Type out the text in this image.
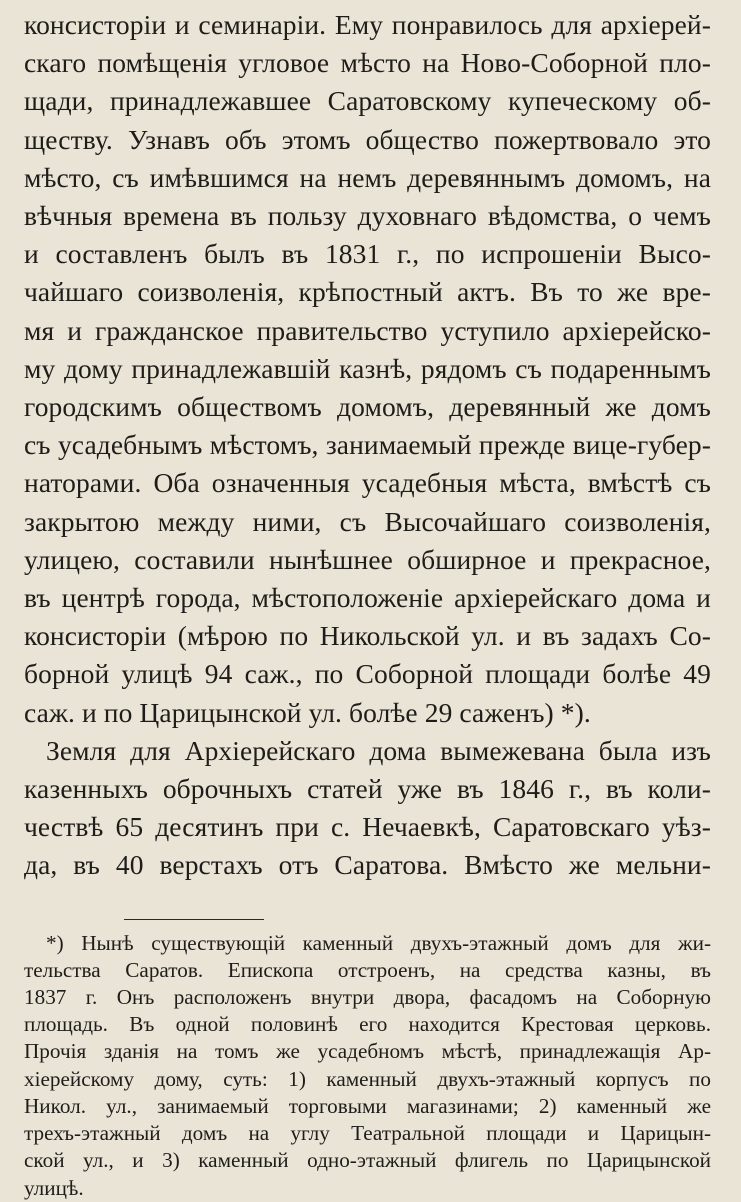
консисторіи и семинаріи. Ему понравилось для архіерей-
скаго помѣщенія угловое мѣсто на Ново-Соборной пло-
щади, принадлежавшее Саратовскому купеческому об-
ществу. Узнавъ объ этомъ общество пожертвовало это
мѣсто, съ имѣвшимся на немъ деревяннымъ домомъ, на
вѣчныя времена въ пользу духовнаго вѣдомства, о чемъ
и составленъ былъ въ 1831 г., по испрошеніи Высо-
чайшаго соизволенія, крѣпостный актъ. Въ то же вре-
мя и гражданское правительство уступило архіерейско-
му дому принадлежавшій казнѣ, рядомъ съ подареннымъ
городскимъ обществомъ домомъ, деревянный же домъ
съ усадебнымъ мѣстомъ, занимаемый прежде вице-губер-
наторами. Оба означенныя усадебныя мѣста, вмѣстѣ съ
закрытою между ними, съ Высочайшаго соизволенія,
улицею, составили нынѣшнее обширное и прекрасное,
въ центрѣ города, мѣстоположеніе архіерейскаго дома и
консисторіи (мѣрою по Никольской ул. и въ задахъ Со-
борной улицѣ 94 саж., по Соборной площади болѣе 49
саж. и по Царицынской ул. болѣе 29 саженъ) *).
Земля для Архіерейскаго дома вымежевана была изъ
казенныхъ оброчныхъ статей уже въ 1846 г., въ коли-
чествѣ 65 десятинъ при с. Нечаевкѣ, Саратовскаго уѣз-
да, въ 40 верстахъ отъ Саратова. Вмѣсто же мельни-
*) Нынѣ существующій каменный двухъ-этажный домъ для жи-
тельства Саратов. Епископа отстроенъ, на средства казны, въ
1837 г. Онъ расположенъ внутри двора, фасадомъ на Соборную
площадь. Въ одной половинѣ его находится Крестовая церковь.
Прочія зданія на томъ же усадебномъ мѣстѣ, принадлежащія Ар-
хіерейскому дому, суть: 1) каменный двухъ-этажный корпусъ по
Никол. ул., занимаемый торговыми магазинами; 2) каменный же
трехъ-этажный домъ на углу Театральной площади и Царицын-
ской ул., и 3) каменный одно-этажный флигель по Царицынской
улицѣ.
